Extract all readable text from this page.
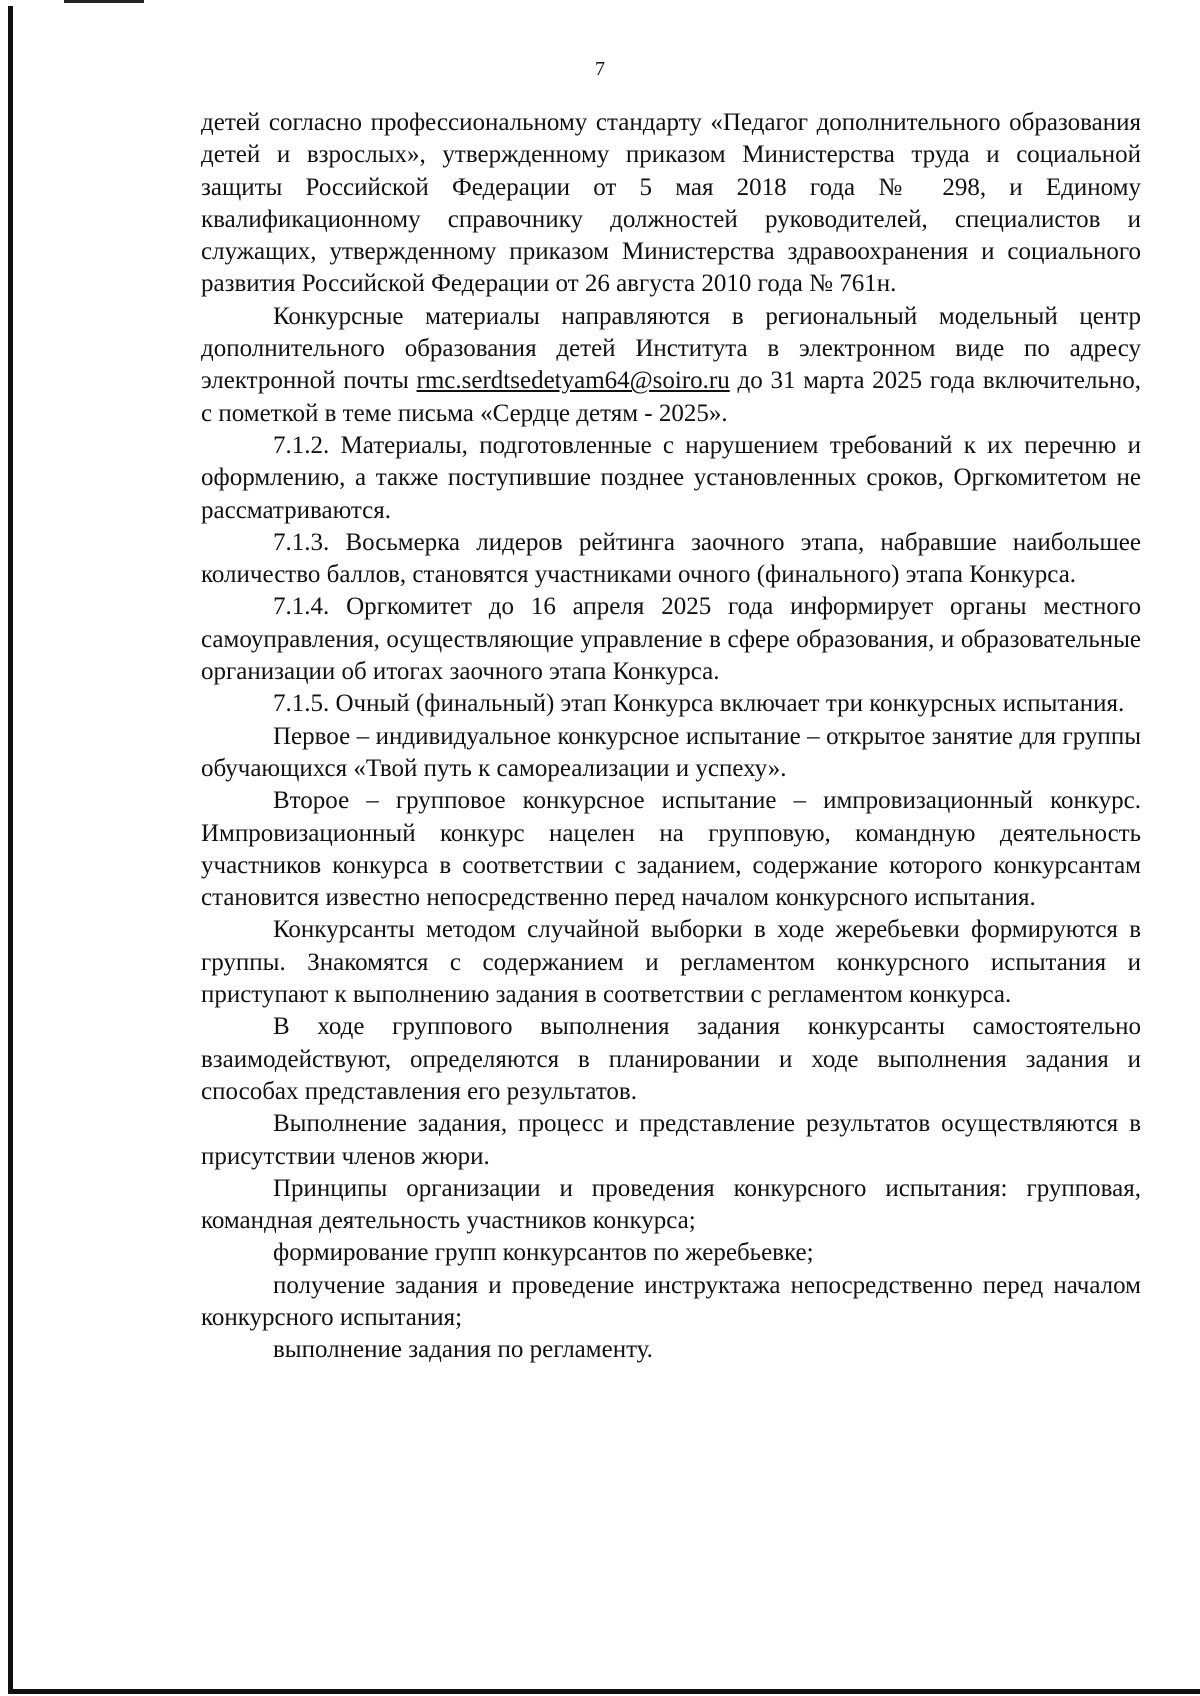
7

детей согласно профессиональному стандарту «Педагог дополнительного образования детей и взрослых», утвержденному приказом Министерства труда и социальной защиты Российской Федерации от 5 мая 2018 года № 298, и Единому квалификационному справочнику должностей руководителей, специалистов и служащих, утвержденному приказом Министерства здравоохранения и социального развития Российской Федерации от 26 августа 2010 года № 761н.

Конкурсные материалы направляются в региональный модельный центр дополнительного образования детей Института в электронном виде по адресу электронной почты rmc.serdtsedetyam64@soiro.ru до 31 марта 2025 года включительно, с пометкой в теме письма «Сердце детям - 2025».

7.1.2. Материалы, подготовленные с нарушением требований к их перечню и оформлению, а также поступившие позднее установленных сроков, Оргкомитетом не рассматриваются.

7.1.3. Восьмерка лидеров рейтинга заочного этапа, набравшие наибольшее количество баллов, становятся участниками очного (финального) этапа Конкурса.

7.1.4. Оргкомитет до 16 апреля 2025 года информирует органы местного самоуправления, осуществляющие управление в сфере образования, и образовательные организации об итогах заочного этапа Конкурса.

7.1.5. Очный (финальный) этап Конкурса включает три конкурсных испытания.

Первое – индивидуальное конкурсное испытание – открытое занятие для группы обучающихся «Твой путь к самореализации и успеху».

Второе – групповое конкурсное испытание – импровизационный конкурс. Импровизационный конкурс нацелен на групповую, командную деятельность участников конкурса в соответствии с заданием, содержание которого конкурсантам становится известно непосредственно перед началом конкурсного испытания.

Конкурсанты методом случайной выборки в ходе жеребьевки формируются в группы. Знакомятся с содержанием и регламентом конкурсного испытания и приступают к выполнению задания в соответствии с регламентом конкурса.

В ходе группового выполнения задания конкурсанты самостоятельно взаимодействуют, определяются в планировании и ходе выполнения задания и способах представления его результатов.

Выполнение задания, процесс и представление результатов осуществляются в присутствии членов жюри.

Принципы организации и проведения конкурсного испытания: групповая, командная деятельность участников конкурса;

формирование групп конкурсантов по жеребьевке;

получение задания и проведение инструктажа непосредственно перед началом конкурсного испытания;

выполнение задания по регламенту.
